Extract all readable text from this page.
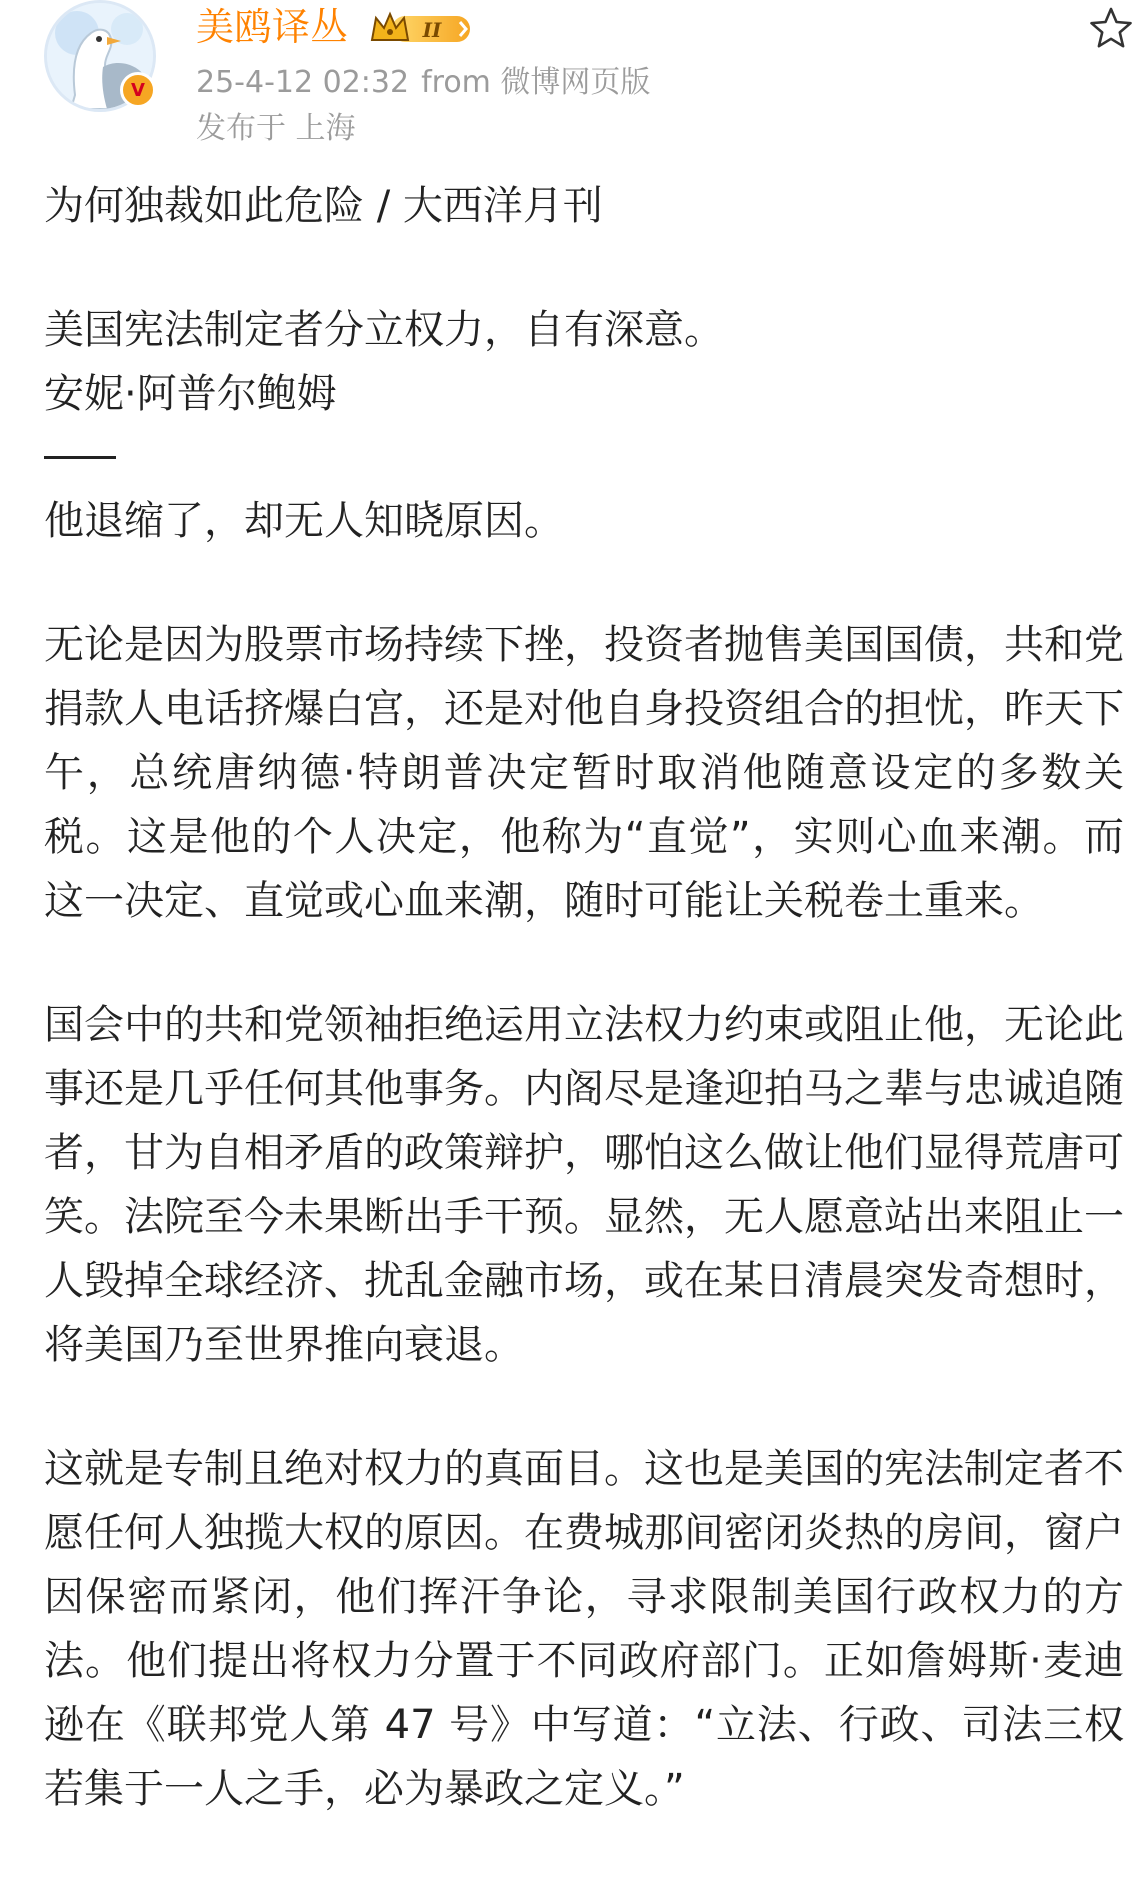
V
美鸥译丛	II
25-4-12 02:32 from 微博网页版
发布于 上海

为何独裁如此危险 / 大西洋月刊

美国宪法制定者分立权力，自有深意。

安妮·阿普尔鲍姆

他退缩了，却无人知晓原因。

无论是因为股票市场持续下挫，投资者抛售美国国债，共和党捐款人电话挤爆白宫，还是对他自身投资组合的担忧，昨天下午，总统唐纳德·特朗普决定暂时取消他随意设定的多数关税。这是他的个人决定，他称为“直觉”，实则心血来潮。而这一决定、直觉或心血来潮，随时可能让关税卷土重来。

国会中的共和党领袖拒绝运用立法权力约束或阻止他，无论此事还是几乎任何其他事务。内阁尽是逢迎拍马之辈与忠诚追随者，甘为自相矛盾的政策辩护，哪怕这么做让他们显得荒唐可笑。法院至今未果断出手干预。显然，无人愿意站出来阻止一人毁掉全球经济、扰乱金融市场，或在某日清晨突发奇想时，将美国乃至世界推向衰退。

这就是专制且绝对权力的真面目。这也是美国的宪法制定者不愿任何人独揽大权的原因。在费城那间密闭炎热的房间，窗户因保密而紧闭，他们挥汗争论，寻求限制美国行政权力的方法。他们提出将权力分置于不同政府部门。正如詹姆斯·麦迪逊在《联邦党人第 47 号》中写道：“立法、行政、司法三权若集于一人之手，必为暴政之定义。”
